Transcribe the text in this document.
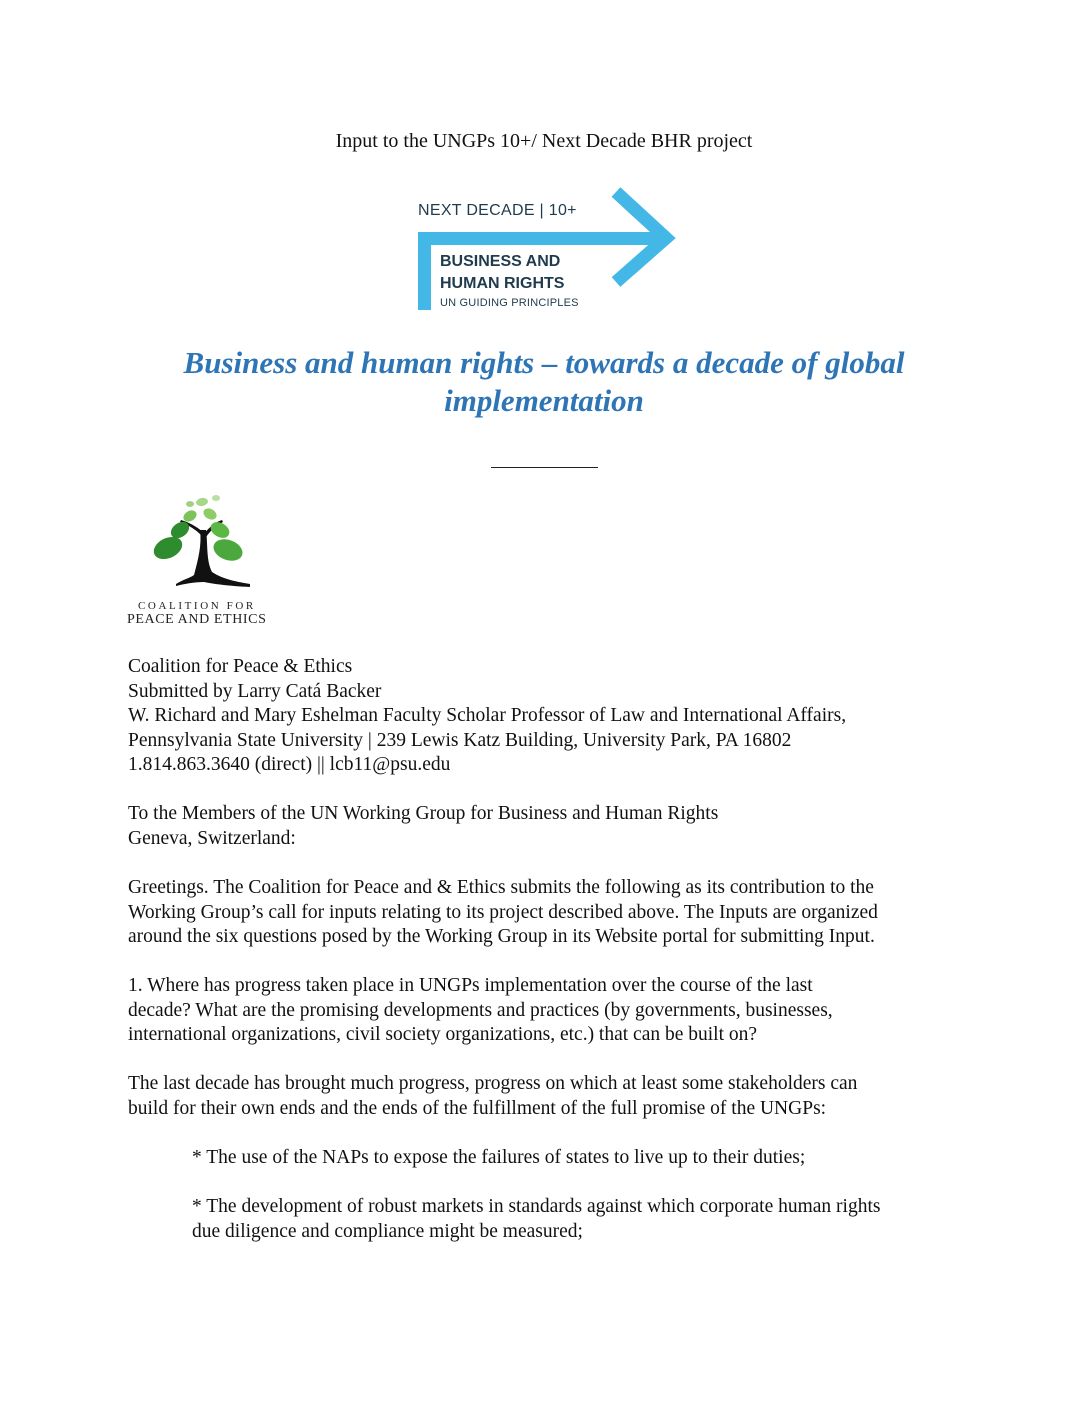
Input to the UNGPs 10+/ Next Decade BHR project
NEXT DECADE | 10+
BUSINESS AND
HUMAN RIGHTS
UN GUIDING PRINCIPLES
Business and human rights – towards a decade of global
implementation
COALITION FOR
PEACE AND ETHICS

Coalition for Peace & Ethics

Submitted by Larry Catá Backer

W. Richard and Mary Eshelman Faculty Scholar Professor of Law and International Affairs,

Pennsylvania State University | 239 Lewis Katz Building, University Park, PA 16802

1.814.863.3640 (direct) || lcb11@psu.edu

To the Members of the UN Working Group for Business and Human Rights

Geneva, Switzerland:

Greetings. The Coalition for Peace and & Ethics submits the following as its contribution to the

Working Group’s call for inputs relating to its project described above. The Inputs are organized

around the six questions posed by the Working Group in its Website portal for submitting Input.

1. Where has progress taken place in UNGPs implementation over the course of the last

decade? What are the promising developments and practices (by governments, businesses,

international organizations, civil society organizations, etc.) that can be built on?

The last decade has brought much progress, progress on which at least some stakeholders can

build for their own ends and the ends of the fulfillment of the full promise of the UNGPs:

* The use of the NAPs to expose the failures of states to live up to their duties;

* The development of robust markets in standards against which corporate human rights

due diligence and compliance might be measured;
